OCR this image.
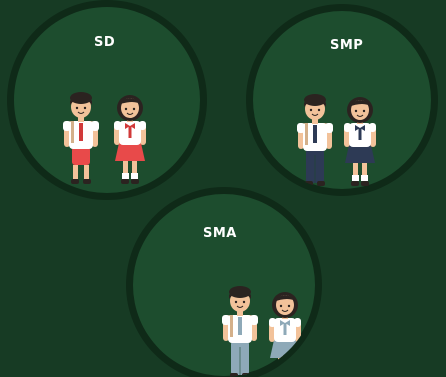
SD	SMP
SMA
